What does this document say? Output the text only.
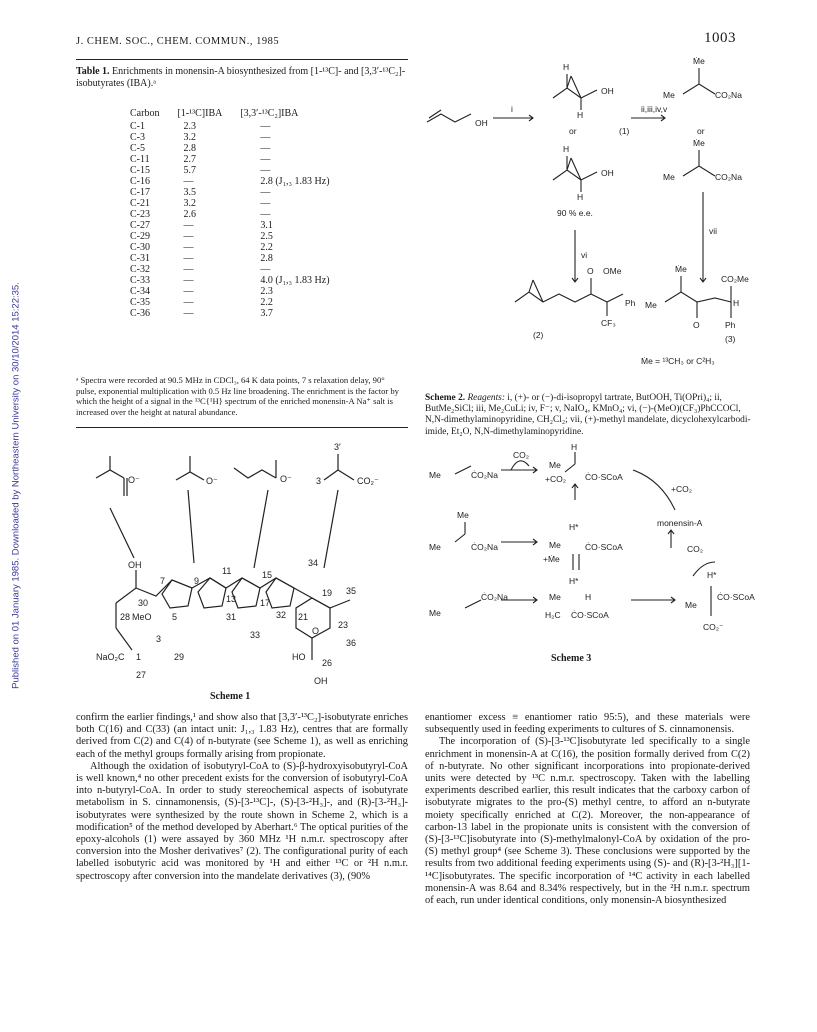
J. CHEM. SOC., CHEM. COMMUN., 1985	1003
Published on 01 January 1985. Downloaded by Northeastern University on 30/10/2014 15:22:35.
Table 1. Enrichments in monensin-A biosynthesized from [1-¹³C]- and [3,3′-¹³C₂]-isobutyrates (IBA).ᵃ
Carbon	[1-¹³C]IBA	[3,3′-¹³C₂]IBA
C-1	2.3	—
C-3	3.2	—
C-5	2.8	—
C-11	2.7	—
C-15	5.7	—
C-16	—	2.8 (J₁,₃ 1.83 Hz)
C-17	3.5	—
C-21	3.2	—
C-23	2.6	—
C-27	—	3.1
C-29	—	2.5
C-30	—	2.2
C-31	—	2.8
C-32	—	—
C-33	—	4.0 (J₁,₃ 1.83 Hz)
C-34	—	2.3
C-35	—	2.2
C-36	—	3.7
ᵃ Spectra were recorded at 90.5 MHz in CDCl₃, 64 K data points, 7 s relaxation delay, 90° pulse, exponential multiplication with 0.5 Hz line broadening. The enrichment is the factor by which the height of a signal in the ¹³C{¹H} spectrum of the enriched monensin-A Na⁺ salt is increased over the height at natural abundance.
O⁻	O⁻	O⁻	CO₂⁻
3′
3
OH
11	15
34
19 35
30
7	9
13	17
28 MeO 5	31	32 21
23
3
29
33
NaO₂C 1
27
O
HO
36
26
OH
Scheme 1

confirm the earlier findings,¹ and show also that [3,3′-¹³C₂]-isobutyrate enriches both C(16) and C(33) (an intact unit: J₁,₃ 1.83 Hz), centres that are formally derived from C(2) and C(4) of n-butyrate (see Scheme 1), as well as enriching each of the methyl groups formally arising from propionate.

Although the oxidation of isobutyryl-CoA to (S)-β-hydroxyisobutyryl-CoA is well known,⁴ no other precedent exists for the conversion of isobutyryl-CoA into n-butyryl-CoA. In order to study stereochemical aspects of isobutyrate metabolism in S. cinnamonensis, (S)-[3-¹³C]-, (S)-[3-²H₃]-, and (R)-[3-²H₃]-isobutyrates were synthesized by the route shown in Scheme 2, which is a modification⁵ of the method developed by Aberhart.⁶ The optical purities of the epoxy-alcohols (1) were assayed by 360 MHz ¹H n.m.r. spectroscopy after conversion into the Mosher derivatives⁷ (2). The configurational purity of each labelled isobutyric acid was monitored by ¹H and either ¹³C or ²H n.m.r. spectroscopy after conversion into the mandelate derivatives (3), (90%

OH
i
H
OH
H
or
ii,iii,iv,v
(1)
Ṁe
Me	CO₂Na
or
H
OH
H
90 % e.e.
Ṁe
Me	CO₂Na
vi
vii
O OMe
Ph
CF₃
(2)
Ṁe
CO₂Me
Me
O	Ph
H
(3)
Ṁe = ¹³CH₃ or C²H₃
Scheme 2. Reagents: i, (+)- or (−)-di-isopropyl tartrate, ButOOH, Ti(OPri)₄; ii, ButMe₂SiCl; iii, Me₂CuLi; iv, F⁻; v, NaIO₄, KMnO₄; vi, (−)-(MeO)(CF₃)PhCCOCl, N,N-dimethylaminopyridine, CH₂Cl₂; vii, (+)-methyl mandelate, dicyclohexylcarbodi-imide, Et₂O, N,N-dimethylaminopyridine.
Me	ĊO₂Na
CO₂
Me
+CO₂ ĊO·SCoA
H
+CO₂
monensin-A
CO₂
Me
Me	ĊO₂Na	Me
+Ṁe
ĊO·SCoA
H*
H*
Me
ĊO₂Na	Me	H
H₂C ĊO·SCoA
Me
H*
ĊO·SCoA
CO₂⁻
Scheme 3

enantiomer excess ≡ enantiomer ratio 95:5), and these materials were subsequently used in feeding experiments to cultures of S. cinnamonensis.

The incorporation of (S)-[3-¹³C]isobutyrate led specifically to a single enrichment in monensin-A at C(16), the position formally derived from C(2) of n-butyrate. No other significant incorporations into propionate-derived units were detected by ¹³C n.m.r. spectroscopy. Taken with the labelling experiments described earlier, this result indicates that the carboxy carbon of isobutyrate migrates to the pro-(S) methyl centre, to afford an n-butyrate moiety specifically enriched at C(2). Moreover, the non-appearance of carbon-13 label in the propionate units is consistent with the conversion of (S)-[3-¹³C]isobutyrate into (S)-methylmalonyl-CoA by oxidation of the pro-(S) methyl group⁴ (see Scheme 3). These conclusions were supported by the results from two additional feeding experiments using (S)- and (R)-[3-²H₃][1-¹⁴C]isobutyrates. The specific incorporation of ¹⁴C activity in each labelled monensin-A was 8.64 and 8.34% respectively, but in the ²H n.m.r. spectrum of each, run under identical conditions, only monensin-A biosynthesized
